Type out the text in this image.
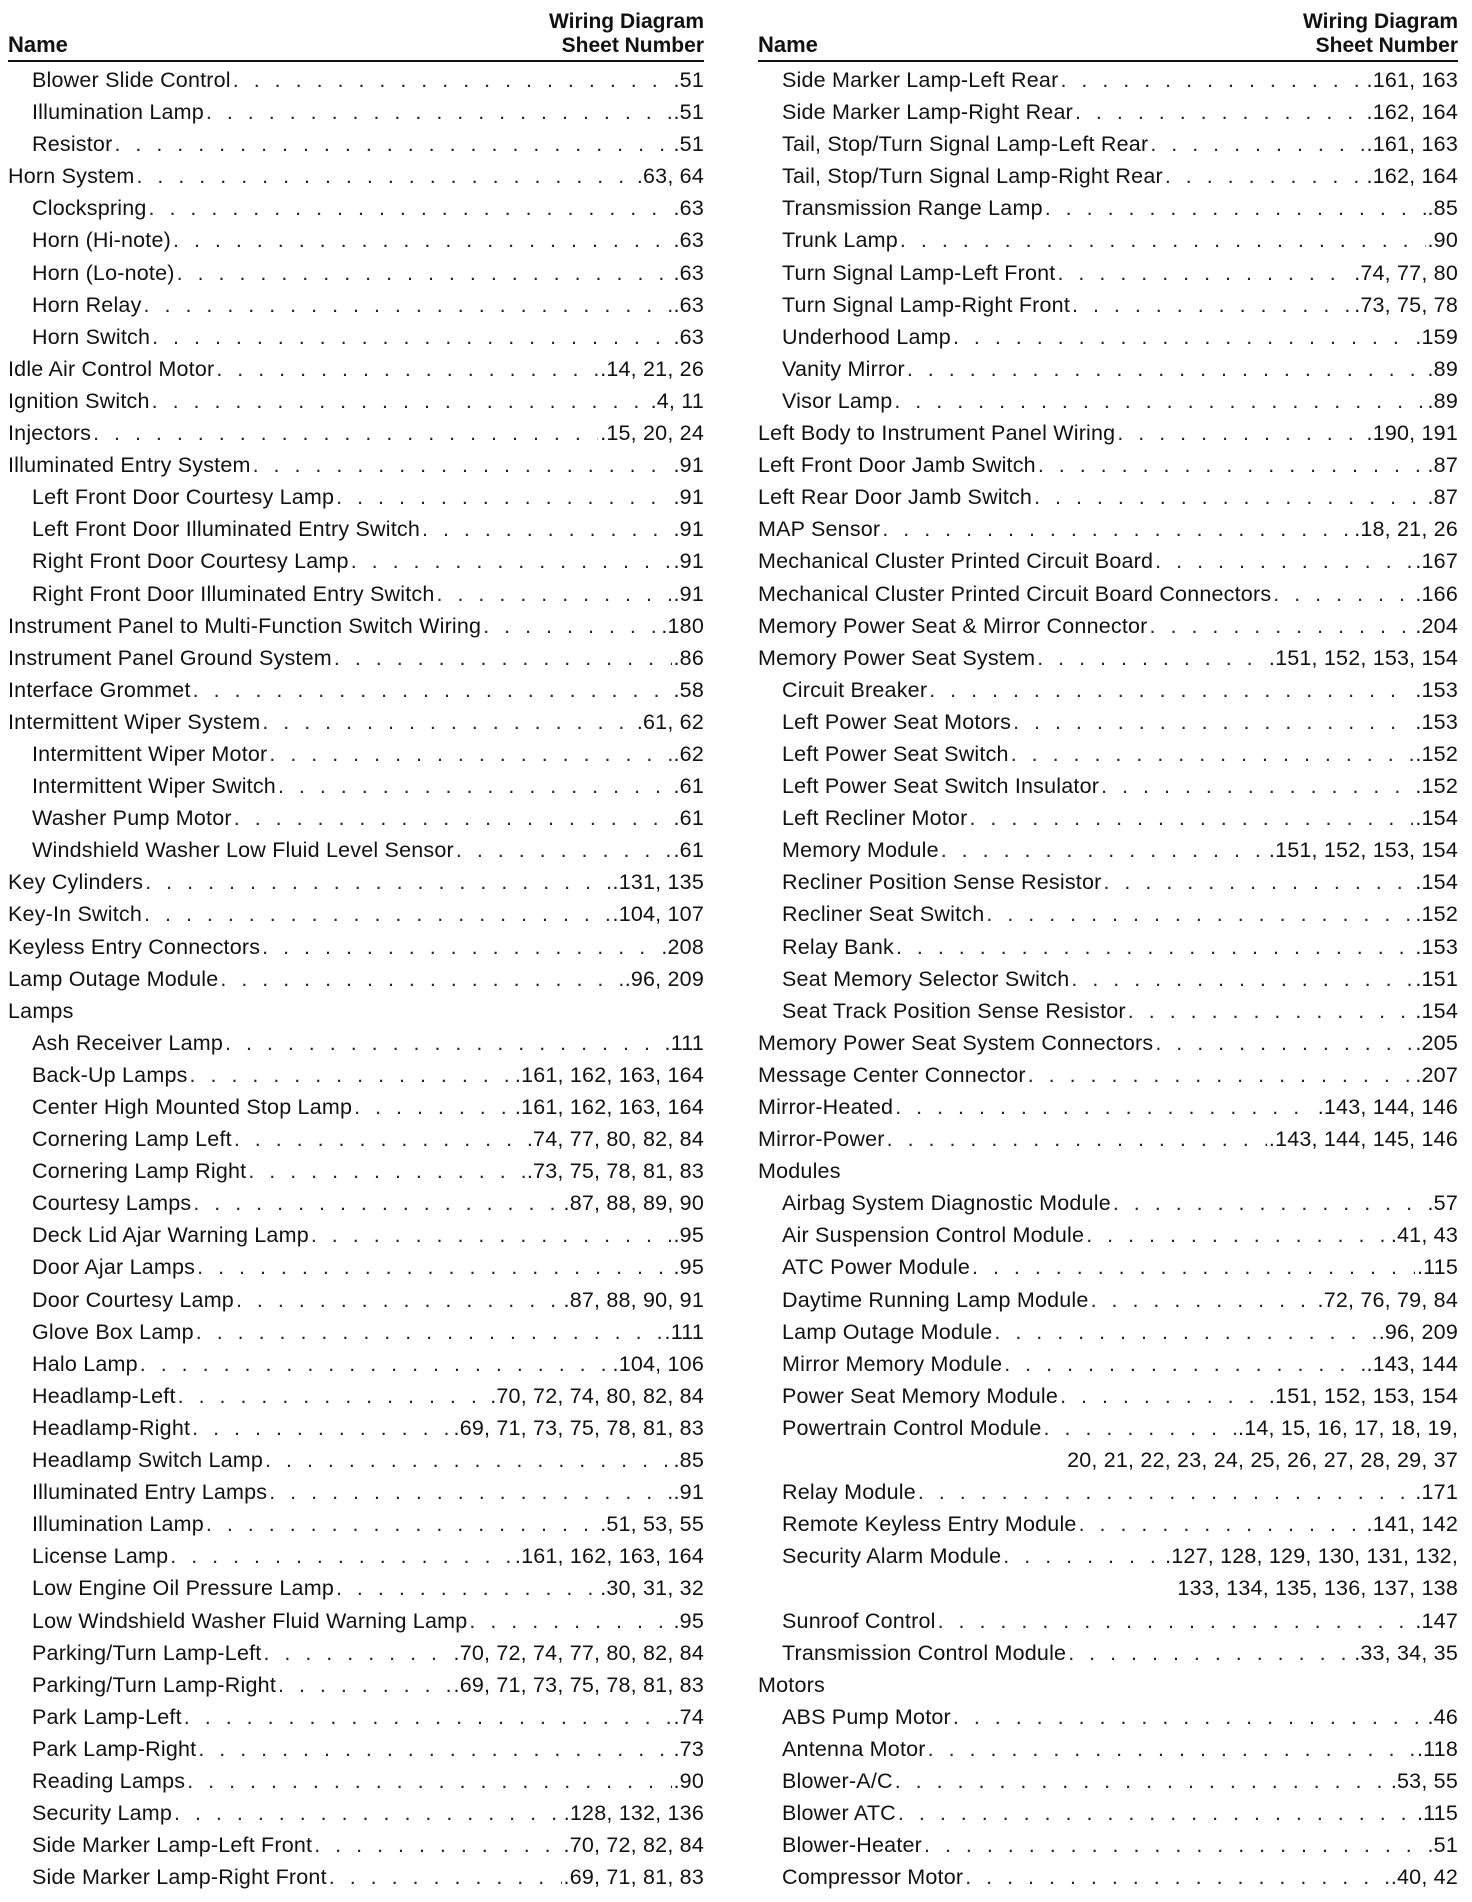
Name
Wiring Diagram
Sheet Number
Blower Slide Control . . .	.51
Illumination Lamp . . .	.51
Resistor . . .	.51
Horn System . . .	.63, 64
Clockspring . . .	.63
Horn (Hi-note) . . .	.63
Horn (Lo-note) . . .	.63
Horn Relay . . .	.63
Horn Switch . . .	.63
Idle Air Control Motor . . .	.14, 21, 26
Ignition Switch . . .	.4, 11
Injectors . . .	.15, 20, 24
Illuminated Entry System . . .	.91
Left Front Door Courtesy Lamp . . .	.91
Left Front Door Illuminated Entry Switch . . .	.91
Right Front Door Courtesy Lamp . . .	.91
Right Front Door Illuminated Entry Switch . . .	.91
Instrument Panel to Multi-Function Switch Wiring . . .	.180
Instrument Panel Ground System . . .	.86
Interface Grommet . . .	.58
Intermittent Wiper System . . .	.61, 62
Intermittent Wiper Motor . . .	.62
Intermittent Wiper Switch . . .	.61
Washer Pump Motor . . .	.61
Windshield Washer Low Fluid Level Sensor . . .	.61
Key Cylinders . . .	.131, 135
Key-In Switch . . .	.104, 107
Keyless Entry Connectors . . .	.208
Lamp Outage Module . . .	.96, 209
Lamps
Ash Receiver Lamp . . .	.111
Back-Up Lamps . . .	.161, 162, 163, 164
Center High Mounted Stop Lamp . . .	.161, 162, 163, 164
Cornering Lamp Left . . .	.74, 77, 80, 82, 84
Cornering Lamp Right . . .	.73, 75, 78, 81, 83
Courtesy Lamps . . .	.87, 88, 89, 90
Deck Lid Ajar Warning Lamp . . .	.95
Door Ajar Lamps . . .	.95
Door Courtesy Lamp . . .	.87, 88, 90, 91
Glove Box Lamp . . .	.111
Halo Lamp . . .	.104, 106
Headlamp-Left . . .	.70, 72, 74, 80, 82, 84
Headlamp-Right . . .	.69, 71, 73, 75, 78, 81, 83
Headlamp Switch Lamp . . .	.85
Illuminated Entry Lamps . . .	.91
Illumination Lamp . . .	.51, 53, 55
License Lamp . . .	.161, 162, 163, 164
Low Engine Oil Pressure Lamp . . .	.30, 31, 32
Low Windshield Washer Fluid Warning Lamp . . .	.95
Parking/Turn Lamp-Left . . .	.70, 72, 74, 77, 80, 82, 84
Parking/Turn Lamp-Right . . .	.69, 71, 73, 75, 78, 81, 83
Park Lamp-Left . . .	.74
Park Lamp-Right . . .	.73
Reading Lamps . . .	.90
Security Lamp . . .	.128, 132, 136
Side Marker Lamp-Left Front . . .	.70, 72, 82, 84
Side Marker Lamp-Right Front . . .	.69, 71, 81, 83
Name
Wiring Diagram
Sheet Number
Side Marker Lamp-Left Rear . . .	.161, 163
Side Marker Lamp-Right Rear . . .	.162, 164
Tail, Stop/Turn Signal Lamp-Left Rear . . .	.161, 163
Tail, Stop/Turn Signal Lamp-Right Rear . . .	.162, 164
Transmission Range Lamp . . .	.85
Trunk Lamp . . .	.90
Turn Signal Lamp-Left Front . . .	.74, 77, 80
Turn Signal Lamp-Right Front . . .	.73, 75, 78
Underhood Lamp . . .	.159
Vanity Mirror . . .	.89
Visor Lamp . . .	.89
Left Body to Instrument Panel Wiring . . .	.190, 191
Left Front Door Jamb Switch . . .	.87
Left Rear Door Jamb Switch . . .	.87
MAP Sensor . . .	.18, 21, 26
Mechanical Cluster Printed Circuit Board . . .	.167
Mechanical Cluster Printed Circuit Board Connectors . . .	.166
Memory Power Seat & Mirror Connector . . .	.204
Memory Power Seat System . . .	.151, 152, 153, 154
Circuit Breaker . . .	.153
Left Power Seat Motors . . .	.153
Left Power Seat Switch . . .	.152
Left Power Seat Switch Insulator . . .	.152
Left Recliner Motor . . .	.154
Memory Module . . .	.151, 152, 153, 154
Recliner Position Sense Resistor . . .	.154
Recliner Seat Switch . . .	.152
Relay Bank . . .	.153
Seat Memory Selector Switch . . .	.151
Seat Track Position Sense Resistor . . .	.154
Memory Power Seat System Connectors . . .	.205
Message Center Connector . . .	.207
Mirror-Heated . . .	.143, 144, 146
Mirror-Power . . .	.143, 144, 145, 146
Modules
Airbag System Diagnostic Module . . .	.57
Air Suspension Control Module . . .	.41, 43
ATC Power Module . . .	.115
Daytime Running Lamp Module . . .	.72, 76, 79, 84
Lamp Outage Module . . .	.96, 209
Mirror Memory Module . . .	.143, 144
Power Seat Memory Module . . .	.151, 152, 153, 154
Powertrain Control Module . . .	.14, 15, 16, 17, 18, 19,
20, 21, 22, 23, 24, 25, 26, 27, 28, 29, 37
Relay Module . . .	.171
Remote Keyless Entry Module . . .	.141, 142
Security Alarm Module . . .	.127, 128, 129, 130, 131, 132,
133, 134, 135, 136, 137, 138
Sunroof Control . . .	.147
Transmission Control Module . . .	.33, 34, 35
Motors
ABS Pump Motor . . .	.46
Antenna Motor . . .	.118
Blower-A/C . . .	.53, 55
Blower ATC . . .	.115
Blower-Heater . . .	.51
Compressor Motor . . .	.40, 42
